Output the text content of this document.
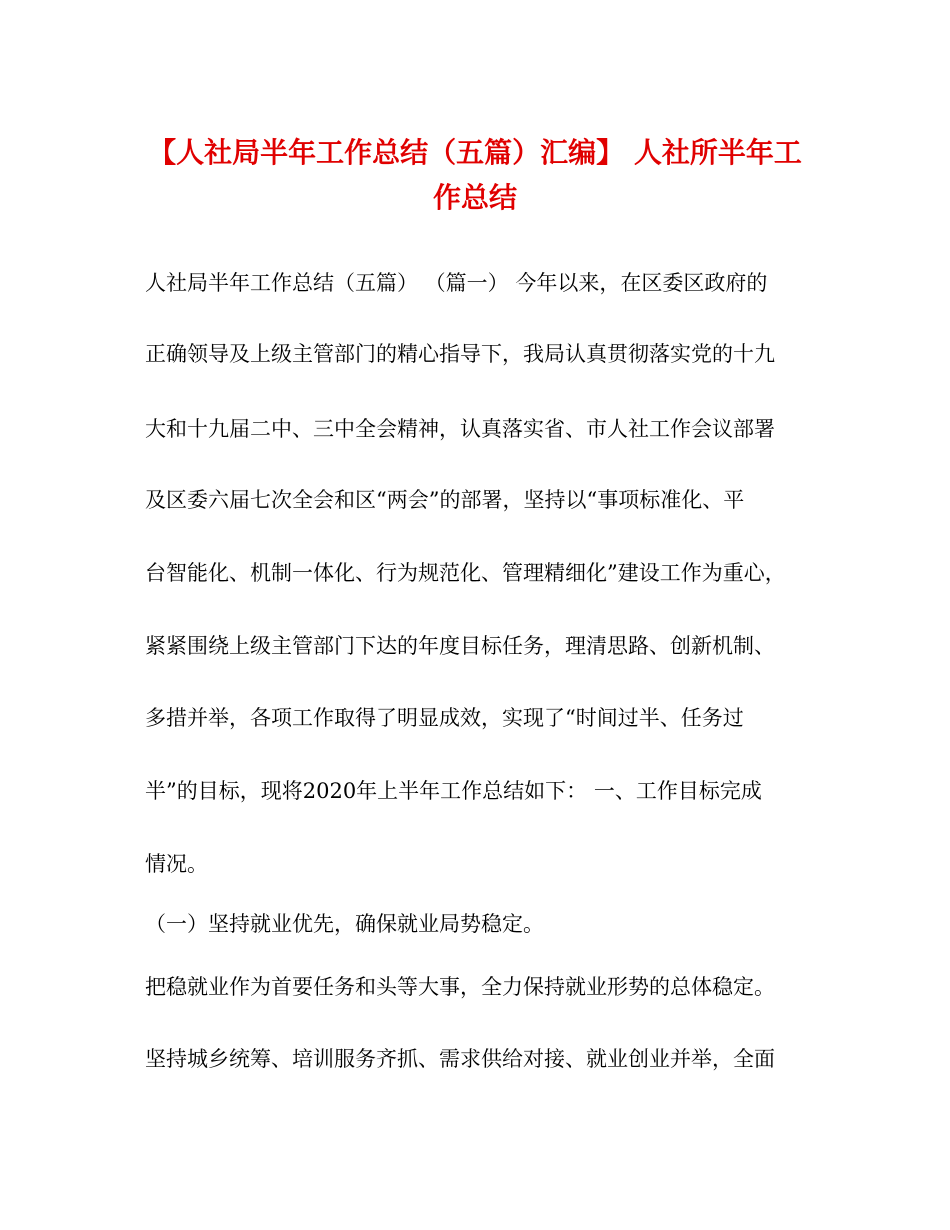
【人社局半年工作总结（五篇）汇编】 人社所半年工
作总结
人社局半年工作总结（五篇） （篇一） 今年以来，在区委区政府的
正确领导及上级主管部门的精心指导下，我局认真贯彻落实党的十九
大和十九届二中、三中全会精神，认真落实省、市人社工作会议部署
及区委六届七次全会和区“两会”的部署，坚持以“事项标准化、平
台智能化、机制一体化、行为规范化、管理精细化”建设工作为重心，
紧紧围绕上级主管部门下达的年度目标任务，理清思路、创新机制、
多措并举，各项工作取得了明显成效，实现了“时间过半、任务过
半”的目标，现将2020年上半年工作总结如下： 一、工作目标完成
情况。
（一）坚持就业优先，确保就业局势稳定。
把稳就业作为首要任务和头等大事，全力保持就业形势的总体稳定。
坚持城乡统筹、培训服务齐抓、需求供给对接、就业创业并举，全面
